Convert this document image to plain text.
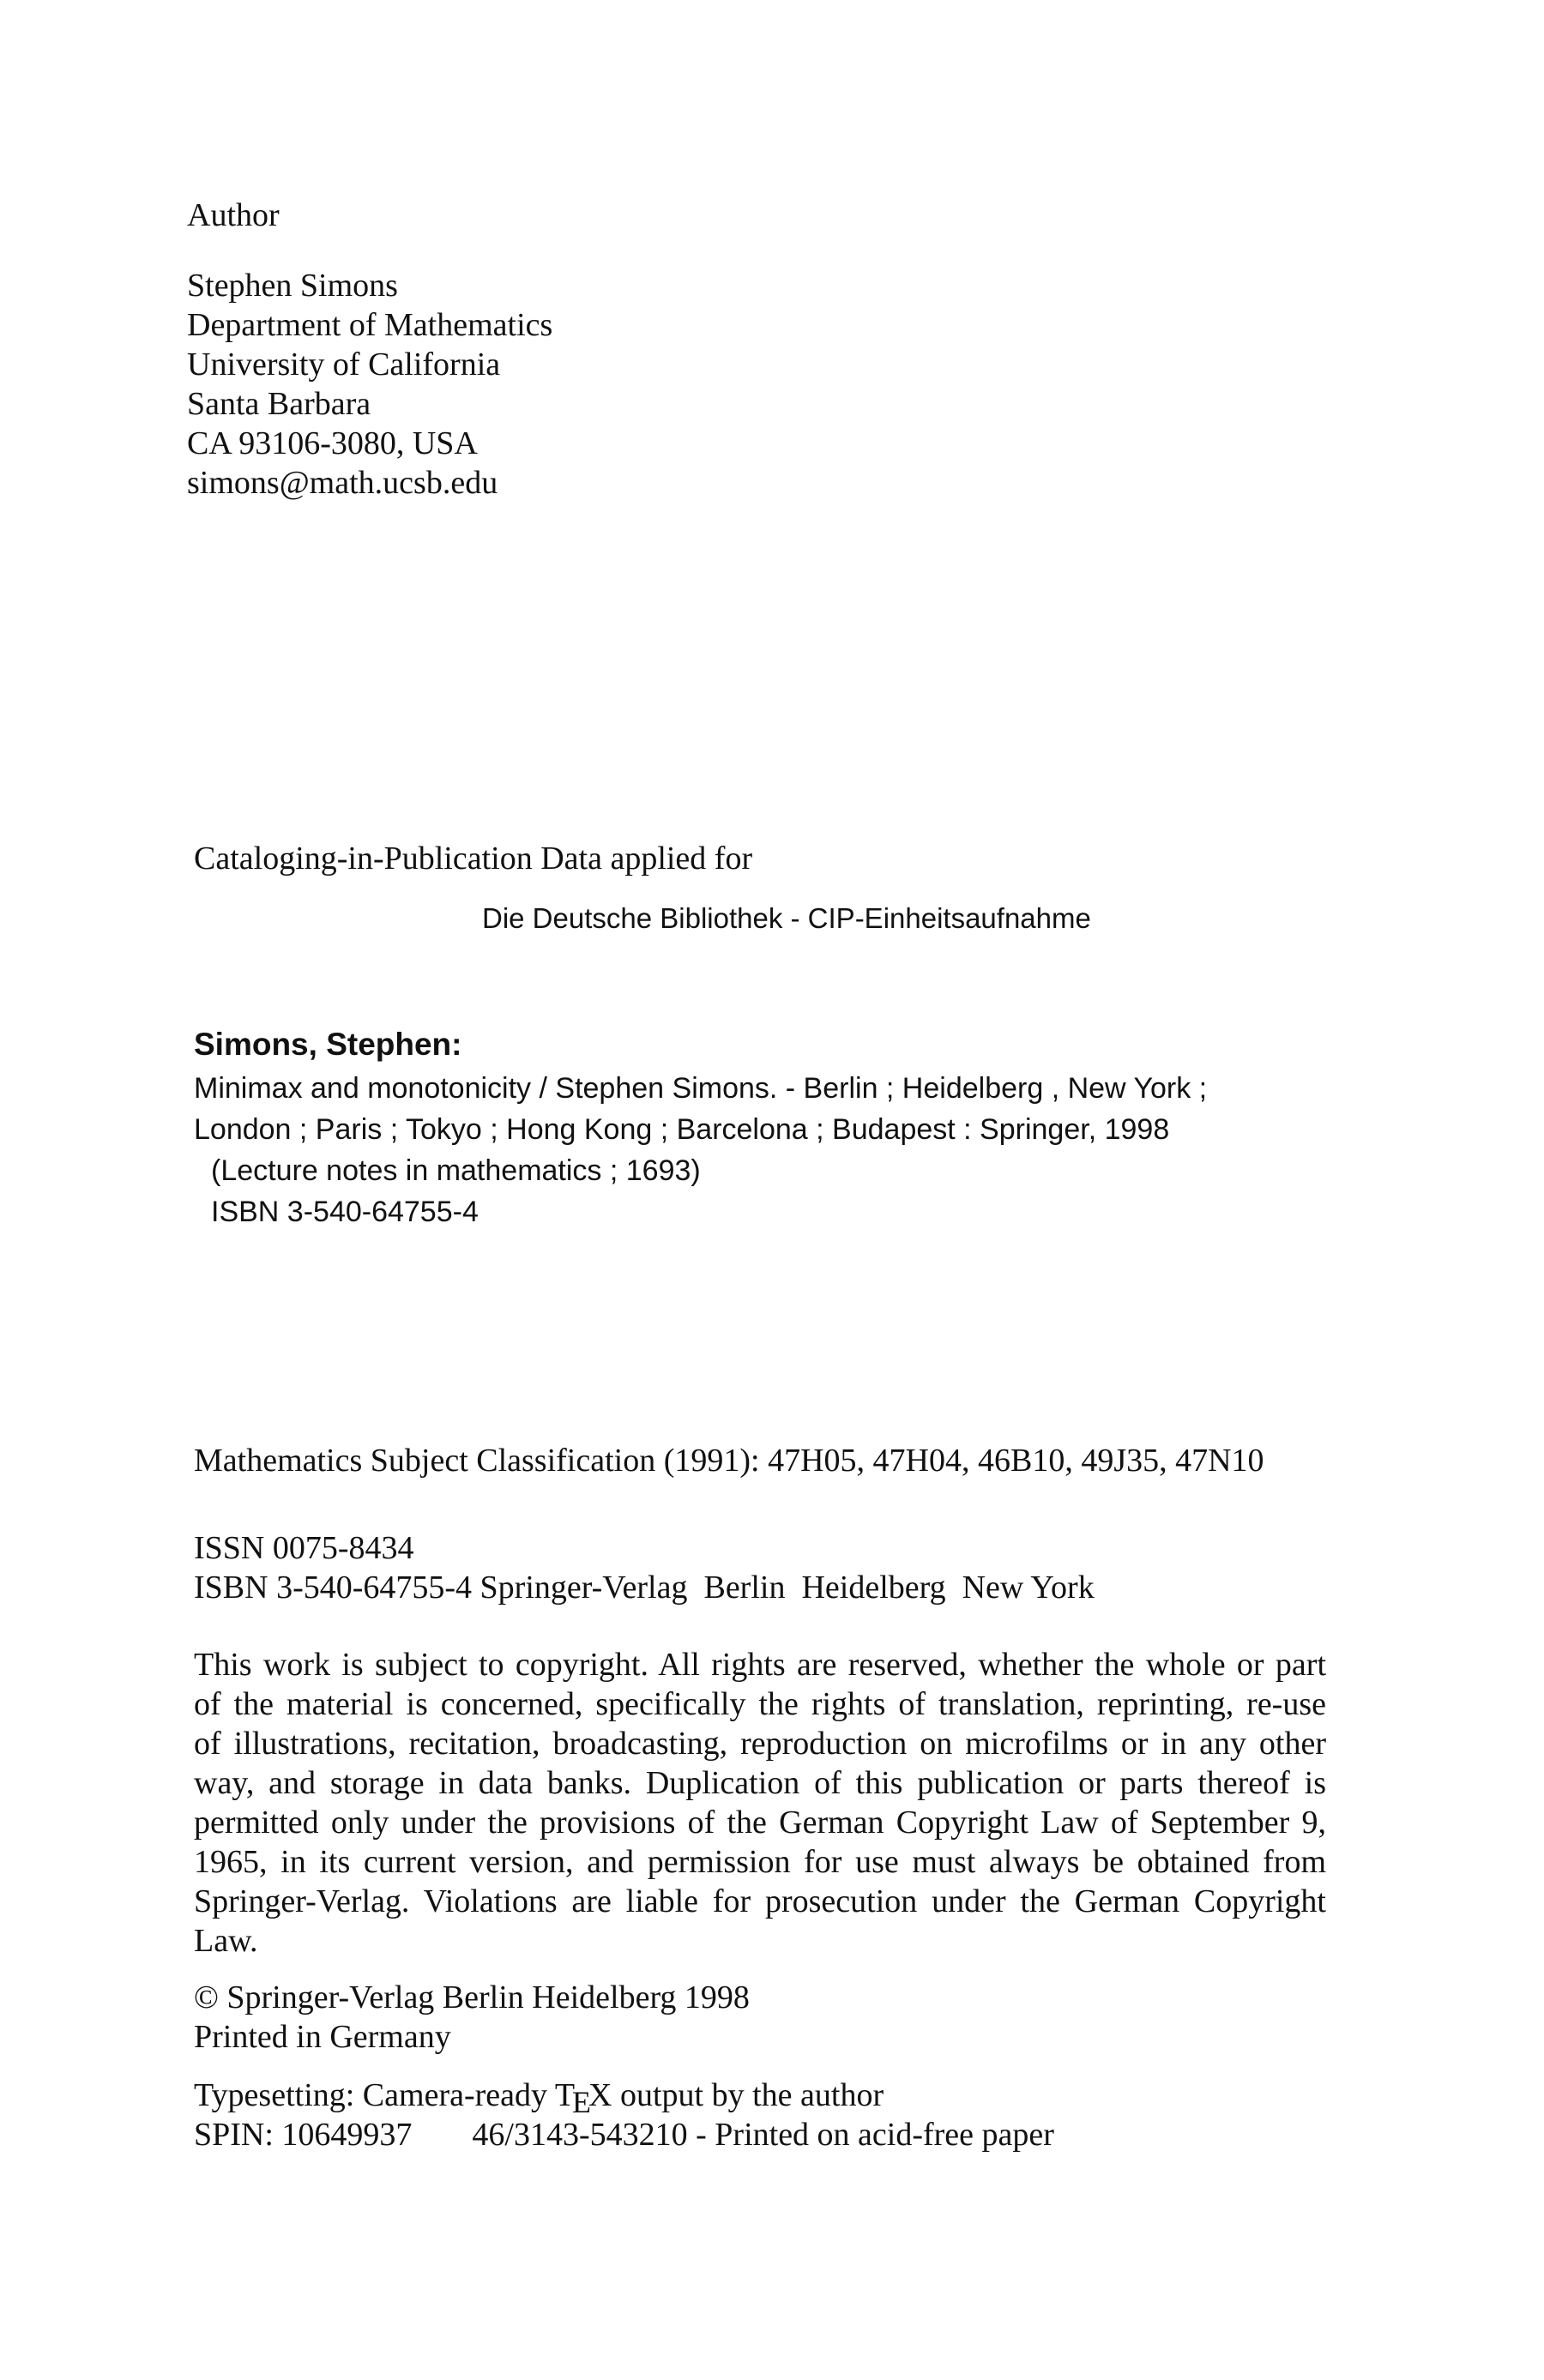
Author
Stephen Simons
Department of Mathematics
University of California
Santa Barbara
CA 93106-3080, USA
simons@math.ucsb.edu
Cataloging-in-Publication Data applied for
Die Deutsche Bibliothek - CIP-Einheitsaufnahme
Simons, Stephen:
Minimax and monotonicity / Stephen Simons. - Berlin ; Heidelberg , New York ;
London ; Paris ; Tokyo ; Hong Kong ; Barcelona ; Budapest : Springer, 1998
(Lecture notes in mathematics ; 1693)
ISBN 3-540-64755-4
Mathematics Subject Classification (1991): 47H05, 47H04, 46B10, 49J35, 47N10
ISSN 0075-8434
ISBN 3-540-64755-4 Springer-Verlag  Berlin  Heidelberg  New York
This work is subject to copyright. All rights are reserved, whether the whole or part
of the material is concerned, specifically the rights of translation, reprinting, re-use
of illustrations, recitation, broadcasting, reproduction on microfilms or in any other
way, and storage in data banks. Duplication of this publication or parts thereof is
permitted only under the provisions of the German Copyright Law of September 9,
1965, in its current version, and permission for use must always be obtained from
Springer-Verlag. Violations are liable for prosecution under the German Copyright
Law.
© Springer-Verlag Berlin Heidelberg 1998
Printed in Germany
Typesetting: Camera-ready TEX output by the author
SPIN: 10649937 46/3143-543210 - Printed on acid-free paper
